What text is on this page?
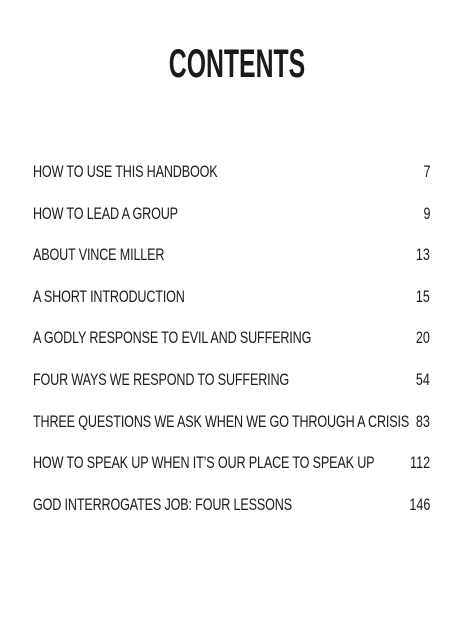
CONTENTS
HOW TO USE THIS HANDBOOK	7
HOW TO LEAD A GROUP	9
ABOUT VINCE MILLER	13
A SHORT INTRODUCTION	15
A GODLY RESPONSE TO EVIL AND SUFFERING	20
FOUR WAYS WE RESPOND TO SUFFERING	54
THREE QUESTIONS WE ASK WHEN WE GO THROUGH A CRISIS 83
HOW TO SPEAK UP WHEN IT’S OUR PLACE TO SPEAK UP 112
GOD INTERROGATES JOB: FOUR LESSONS	146
